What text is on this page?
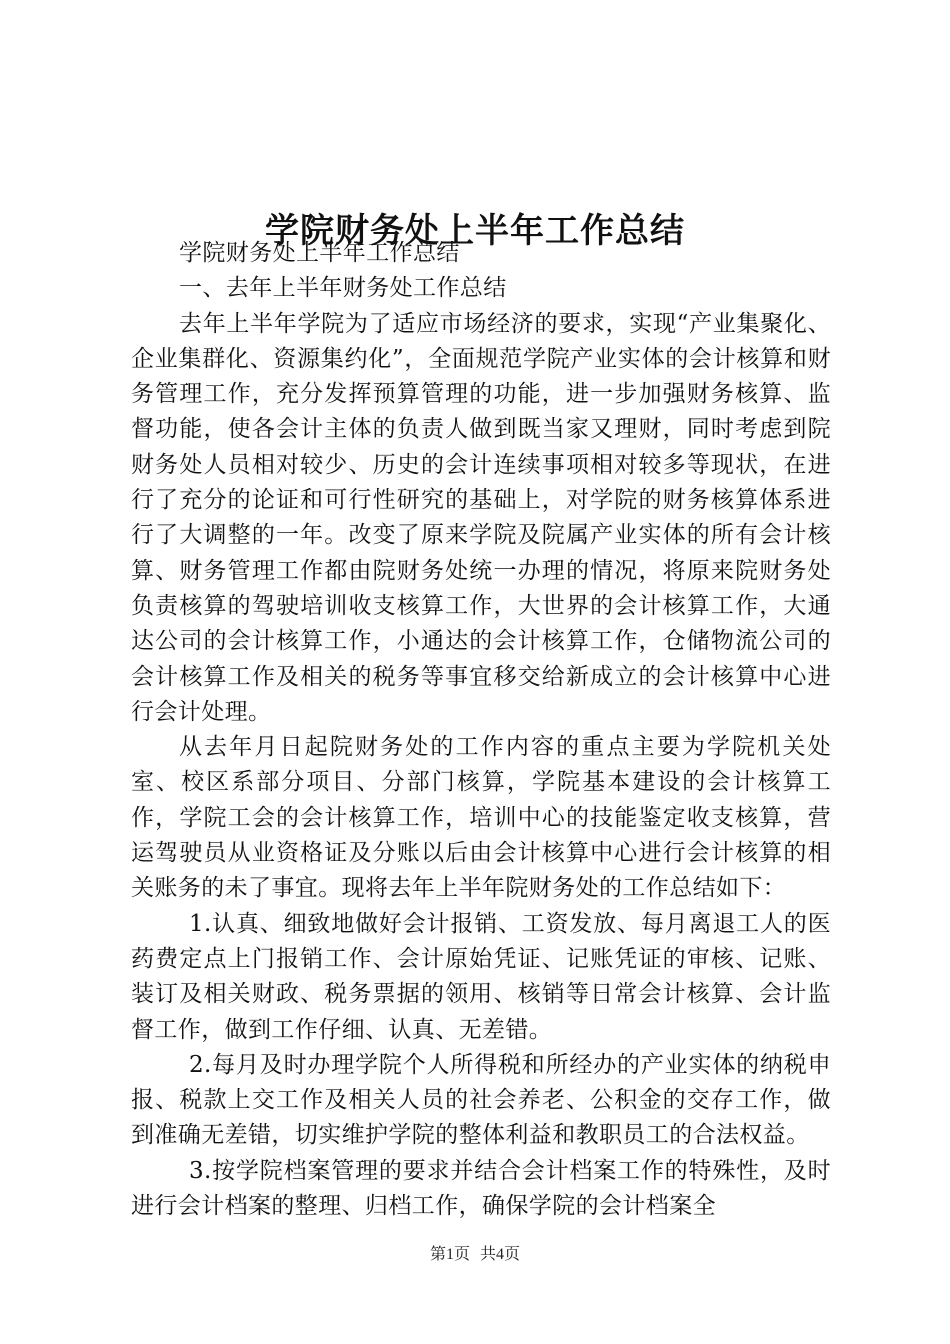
学院财务处上半年工作总结

学院财务处上半年工作总结

一、去年上半年财务处工作总结

去年上半年学院为了适应市场经济的要求，实现“产业集聚化、企业集群化、资源集约化”，全面规范学院产业实体的会计核算和财务管理工作，充分发挥预算管理的功能，进一步加强财务核算、监督功能，使各会计主体的负责人做到既当家又理财，同时考虑到院财务处人员相对较少、历史的会计连续事项相对较多等现状，在进行了充分的论证和可行性研究的基础上，对学院的财务核算体系进行了大调整的一年。改变了原来学院及院属产业实体的所有会计核算、财务管理工作都由院财务处统一办理的情况，将原来院财务处负责核算的驾驶培训收支核算工作，大世界的会计核算工作，大通达公司的会计核算工作，小通达的会计核算工作，仓储物流公司的会计核算工作及相关的税务等事宜移交给新成立的会计核算中心进行会计处理。

从去年月日起院财务处的工作内容的重点主要为学院机关处室、校区系部分项目、分部门核算，学院基本建设的会计核算工作，学院工会的会计核算工作，培训中心的技能鉴定收支核算，营运驾驶员从业资格证及分账以后由会计核算中心进行会计核算的相关账务的未了事宜。现将去年上半年院财务处的工作总结如下：

1.认真、细致地做好会计报销、工资发放、每月离退工人的医药费定点上门报销工作、会计原始凭证、记账凭证的审核、记账、装订及相关财政、税务票据的领用、核销等日常会计核算、会计监督工作，做到工作仔细、认真、无差错。

2.每月及时办理学院个人所得税和所经办的产业实体的纳税申报、税款上交工作及相关人员的社会养老、公积金的交存工作，做到准确无差错，切实维护学院的整体利益和教职员工的合法权益。

3.按学院档案管理的要求并结合会计档案工作的特殊性，及时进行会计档案的整理、归档工作，确保学院的会计档案全

第1页 共4页
